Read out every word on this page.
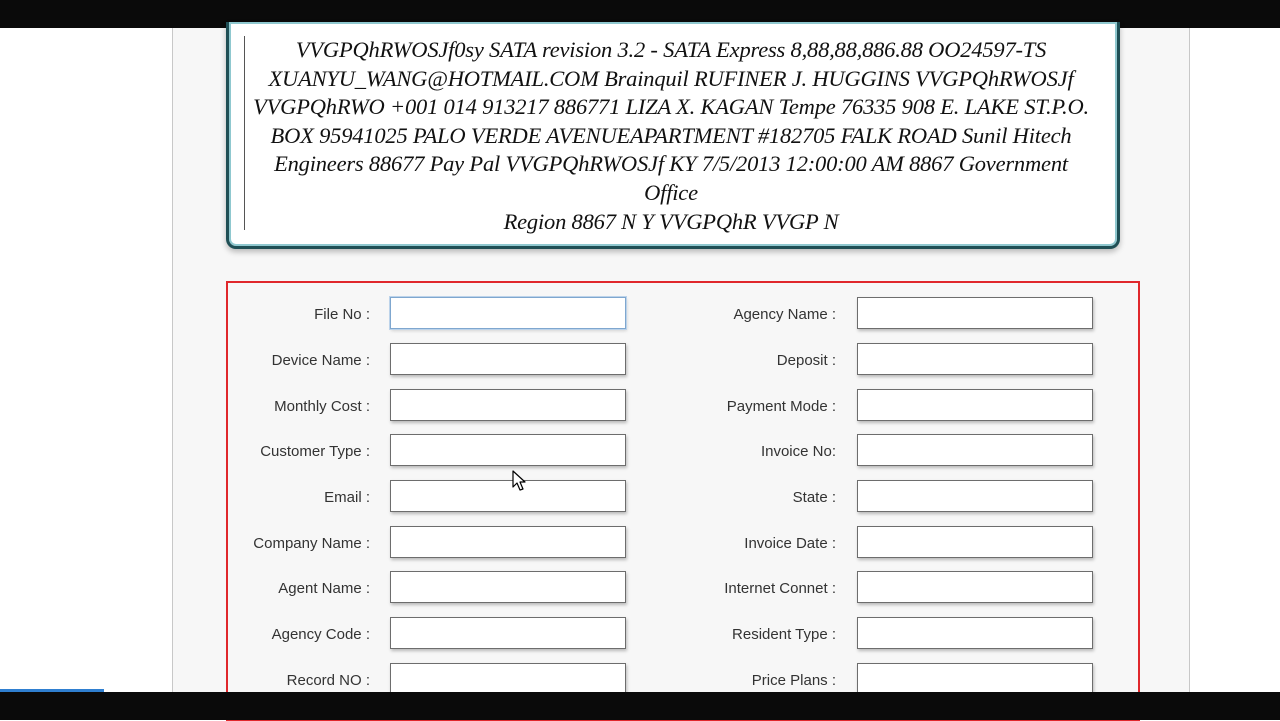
VVGPQhRWOSJf0sy SATA revision 3.2 - SATA Express 8,88,88,886.88 OO24597-TS
XUANYU_WANG@HOTMAIL.COM Brainquil RUFINER J. HUGGINS VVGPQhRWOSJf
VVGPQhRWO +001 014 913217 886771 LIZA X. KAGAN Tempe 76335 908 E. LAKE ST.P.O.
BOX 95941025 PALO VERDE AVENUEAPARTMENT #182705 FALK ROAD Sunil Hitech
Engineers 88677 Pay Pal VVGPQhRWOSJf KY 7/5/2013 12:00:00 AM 8867 Government Office
Region 8867 N Y VVGPQhR VVGP N
File No :
Device Name :
Monthly Cost :
Customer Type :
Email :
Company Name :
Agent Name :
Agency Code :
Record NO :
Agency Name :
Deposit :
Payment Mode :
Invoice No:
State :
Invoice Date :
Internet Connet :
Resident Type :
Price Plans :
